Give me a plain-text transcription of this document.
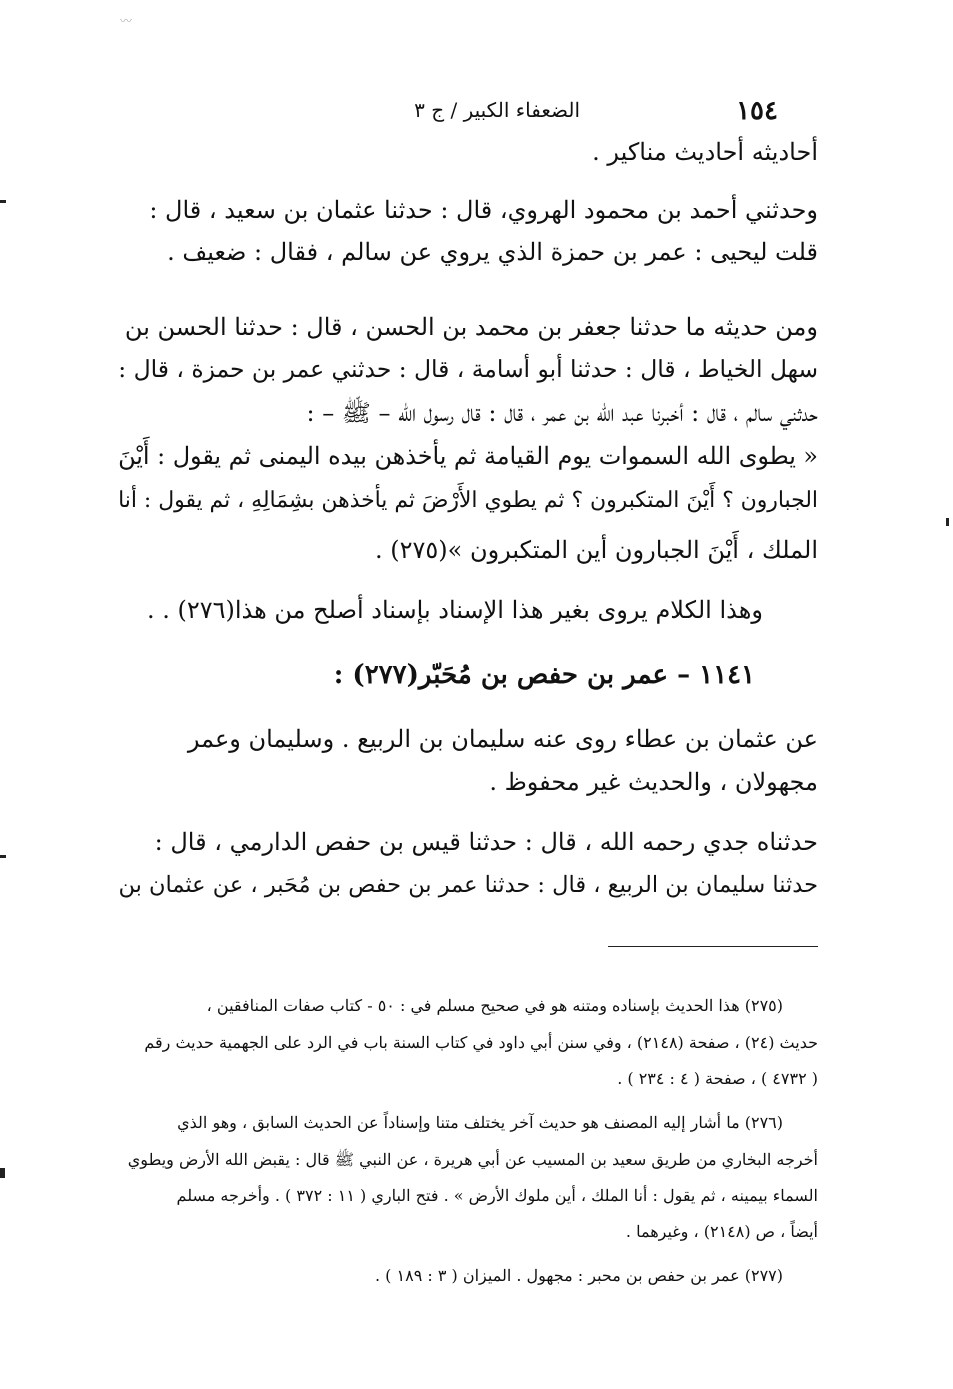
〰
١٥٤
الضعفاء الكبير / ج ٣
أحاديثه أحاديث مناكير .
وحدثني أحمد بن محمود الهروي، قال : حدثنا عثمان بن سعيد ، قال :
قلت ليحيى : عمر بن حمزة الذي يروي عن سالم ، فقال : ضعيف .
ومن حديثه ما حدثنا جعفر بن محمد بن الحسن ، قال : حدثنا الحسن بن
سهل الخياط ، قال : حدثنا أبو أسامة ، قال : حدثني عمر بن حمزة ، قال :
حدثني سالم ، قال : أخبرنا عبد الله بن عمر ، قال : قال رسول الله – ﷺ – :
« يطوى الله السموات يوم القيامة ثم يأخذهن بيده اليمنى ثم يقول : أَيْنَ
الجبارون ؟ أَيْنَ المتكبرون ؟ ثم يطوي الأَرْضَ ثم يأخذهن بشِمَالِهِ ، ثم يقول : أنا
الملك ، أَيْنَ الجبارون أين المتكبرون »(٢٧٥) .
وهذا الكلام يروى بغير هذا الإسناد بإسناد أصلح من هذا(٢٧٦) . .
١١٤١ – عمر بن حفص بن مُحَبّر(٢٧٧) :
عن عثمان بن عطاء روى عنه سليمان بن الربيع . وسليمان وعمر
مجهولان ، والحديث غير محفوظ .
حدثناه جدي رحمه الله ، قال : حدثنا قيس بن حفص الدارمي ، قال :
حدثنا سليمان بن الربيع ، قال : حدثنا عمر بن حفص بن مُحَبر ، عن عثمان بن
(٢٧٥) هذا الحديث بإسناده ومتنه هو في صحيح مسلم في : ٥٠ - كتاب صفات المنافقين ،
حديث (٢٤) ، صفحة (٢١٤٨) ، وفي سنن أبي داود في كتاب السنة باب في الرد على الجهمية حديث رقم
( ٤٧٣٢ ) ، صفحة ( ٤ : ٢٣٤ ) .
(٢٧٦) ما أشار إليه المصنف هو حديث آخر يختلف متنا وإسناداً عن الحديث السابق ، وهو الذي
أخرجه البخاري من طريق سعيد بن المسيب عن أبي هريرة ، عن النبي ﷺ قال : يقبض الله الأرض ويطوي
السماء بيمينه ، ثم يقول : أنا الملك ، أين ملوك الأرض » . فتح الباري ( ١١ : ٣٧٢ ) . وأخرجه مسلم
أيضاً ، ص (٢١٤٨) ، وغيرهما .
(٢٧٧) عمر بن حفص بن محبر : مجهول . الميزان ( ٣ : ١٨٩ ) .
